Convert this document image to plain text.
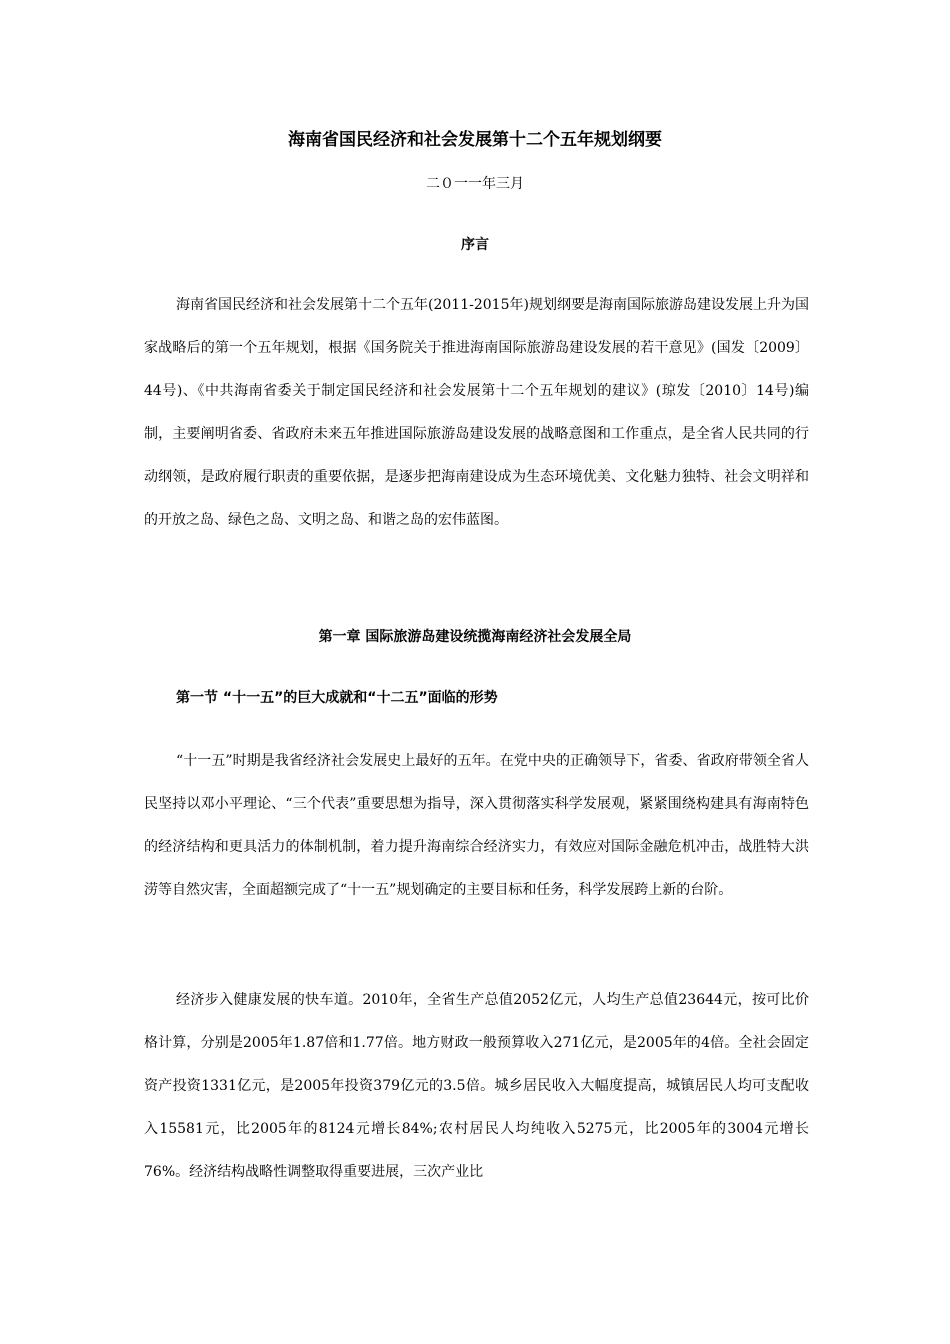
海南省国民经济和社会发展第十二个五年规划纲要
二０一一年三月
序言

海南省国民经济和社会发展第十二个五年(2011-2015年)规划纲要是海南国际旅游岛建设发展上升为国家战略后的第一个五年规划，根据《国务院关于推进海南国际旅游岛建设发展的若干意见》(国发〔2009〕44号)、《中共海南省委关于制定国民经济和社会发展第十二个五年规划的建议》(琼发〔2010〕14号)编制，主要阐明省委、省政府未来五年推进国际旅游岛建设发展的战略意图和工作重点，是全省人民共同的行动纲领，是政府履行职责的重要依据，是逐步把海南建设成为生态环境优美、文化魅力独特、社会文明祥和的开放之岛、绿色之岛、文明之岛、和谐之岛的宏伟蓝图。

第一章 国际旅游岛建设统揽海南经济社会发展全局
第一节 “十一五”的巨大成就和“十二五”面临的形势

“十一五”时期是我省经济社会发展史上最好的五年。在党中央的正确领导下，省委、省政府带领全省人民坚持以邓小平理论、“三个代表”重要思想为指导，深入贯彻落实科学发展观，紧紧围绕构建具有海南特色的经济结构和更具活力的体制机制，着力提升海南综合经济实力，有效应对国际金融危机冲击，战胜特大洪涝等自然灾害，全面超额完成了“十一五”规划确定的主要目标和任务，科学发展跨上新的台阶。

经济步入健康发展的快车道。2010年，全省生产总值2052亿元，人均生产总值23644元，按可比价格计算，分别是2005年1.87倍和1.77倍。地方财政一般预算收入271亿元，是2005年的4倍。全社会固定资产投资1331亿元，是2005年投资379亿元的3.5倍。城乡居民收入大幅度提高，城镇居民人均可支配收入15581元，比2005年的8124元增长84%;农村居民人均纯收入5275元，比2005年的3004元增长76%。经济结构战略性调整取得重要进展，三次产业比
